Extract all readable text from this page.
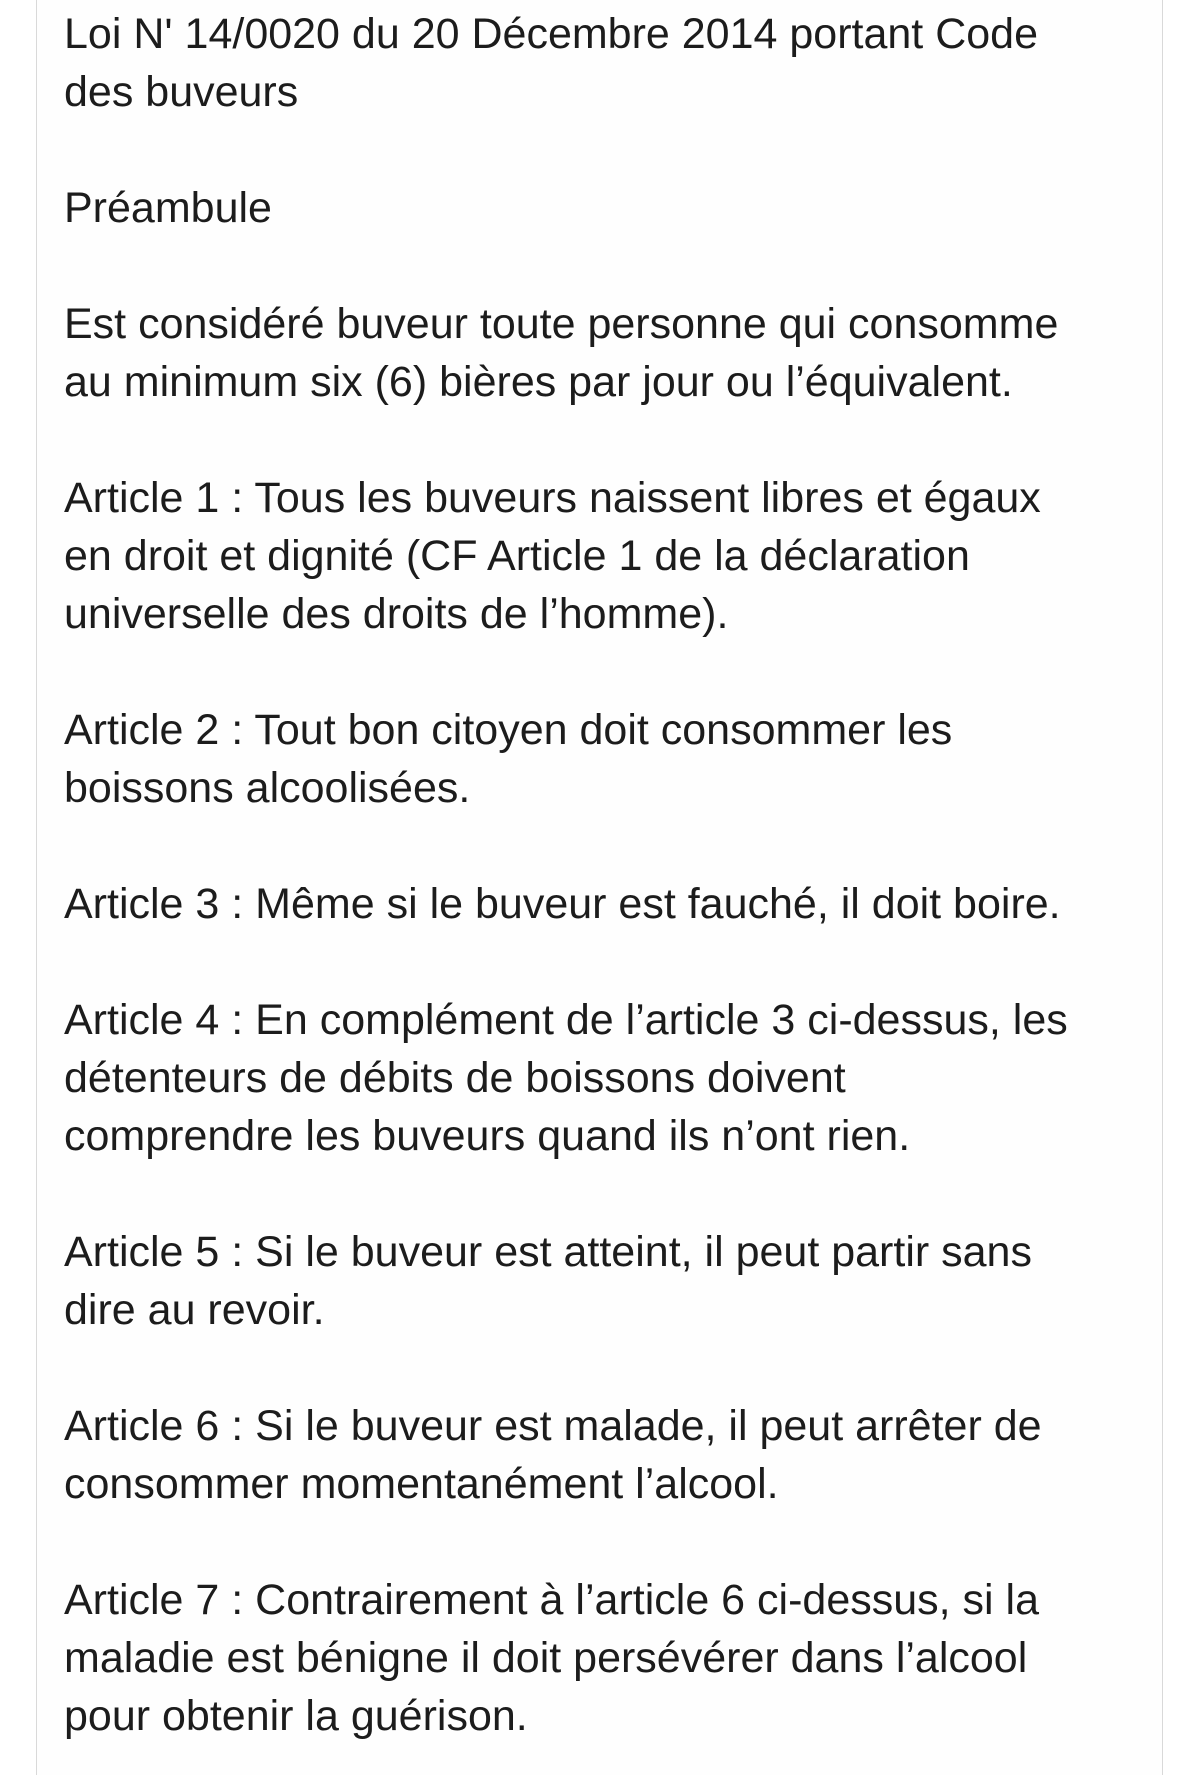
Loi N' 14/0020 du 20 Décembre 2014 portant Code
des buveurs

Préambule

Est considéré buveur toute personne qui consomme
au minimum six (6) bières par jour ou l’équivalent.

Article 1 : Tous les buveurs naissent libres et égaux
en droit et dignité (CF Article 1 de la déclaration
universelle des droits de l’homme).

Article 2 : Tout bon citoyen doit consommer les
boissons alcoolisées.

Article 3 : Même si le buveur est fauché, il doit boire.

Article 4 : En complément de l’article 3 ci-dessus, les
détenteurs de débits de boissons doivent
comprendre les buveurs quand ils n’ont rien.

Article 5 : Si le buveur est atteint, il peut partir sans
dire au revoir.

Article 6 : Si le buveur est malade, il peut arrêter de
consommer momentanément l’alcool.

Article 7 : Contrairement à l’article 6 ci-dessus, si la
maladie est bénigne il doit persévérer dans l’alcool
pour obtenir la guérison.
